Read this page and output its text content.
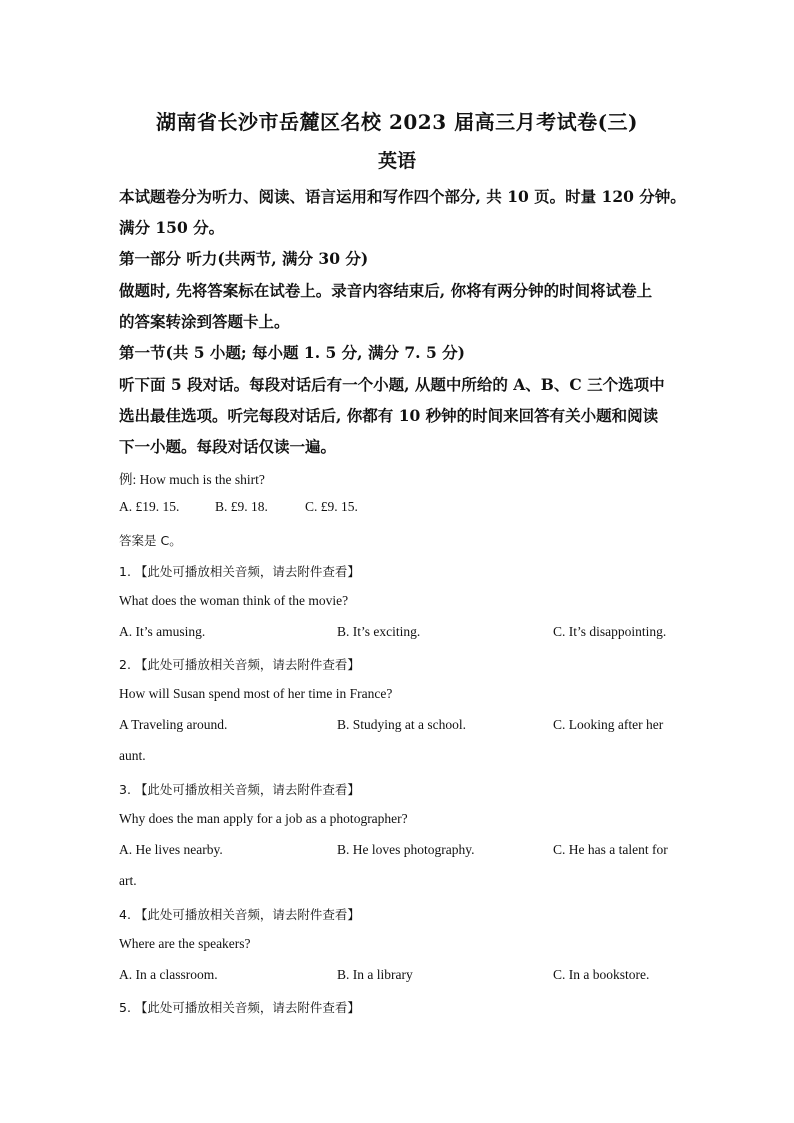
湖南省长沙市岳麓区名校 2023 届高三月考试卷(三)
英语
本试题卷分为听力、阅读、语言运用和写作四个部分, 共 10 页。时量 120 分钟。
满分 150 分。
第一部分 听力(共两节, 满分 30 分)
做题时, 先将答案标在试卷上。录音内容结束后, 你将有两分钟的时间将试卷上
的答案转涂到答题卡上。
第一节(共 5 小题; 每小题 1. 5 分, 满分 7. 5 分)
听下面 5 段对话。每段对话后有一个小题, 从题中所给的 A、B、C 三个选项中
选出最佳选项。听完每段对话后, 你都有 10 秒钟的时间来回答有关小题和阅读
下一小题。每段对话仅读一遍。
例: How much is the shirt?
A. £19. 15.	B. £9. 18.	C. £9. 15.
答案是 C。
1. 【此处可播放相关音频，请去附件查看】
What does the woman think of the movie?
A. It’s amusing.	B. It’s exciting.	C. It’s disappointing.
2. 【此处可播放相关音频，请去附件查看】
How will Susan spend most of her time in France?
A Traveling around.	B. Studying at a school.	C. Looking after her
aunt.
3. 【此处可播放相关音频，请去附件查看】
Why does the man apply for a job as a photographer?
A. He lives nearby.	B. He loves photography.	C. He has a talent for
art.
4. 【此处可播放相关音频，请去附件查看】
Where are the speakers?
A. In a classroom.	B. In a library	C. In a bookstore.
5. 【此处可播放相关音频，请去附件查看】
